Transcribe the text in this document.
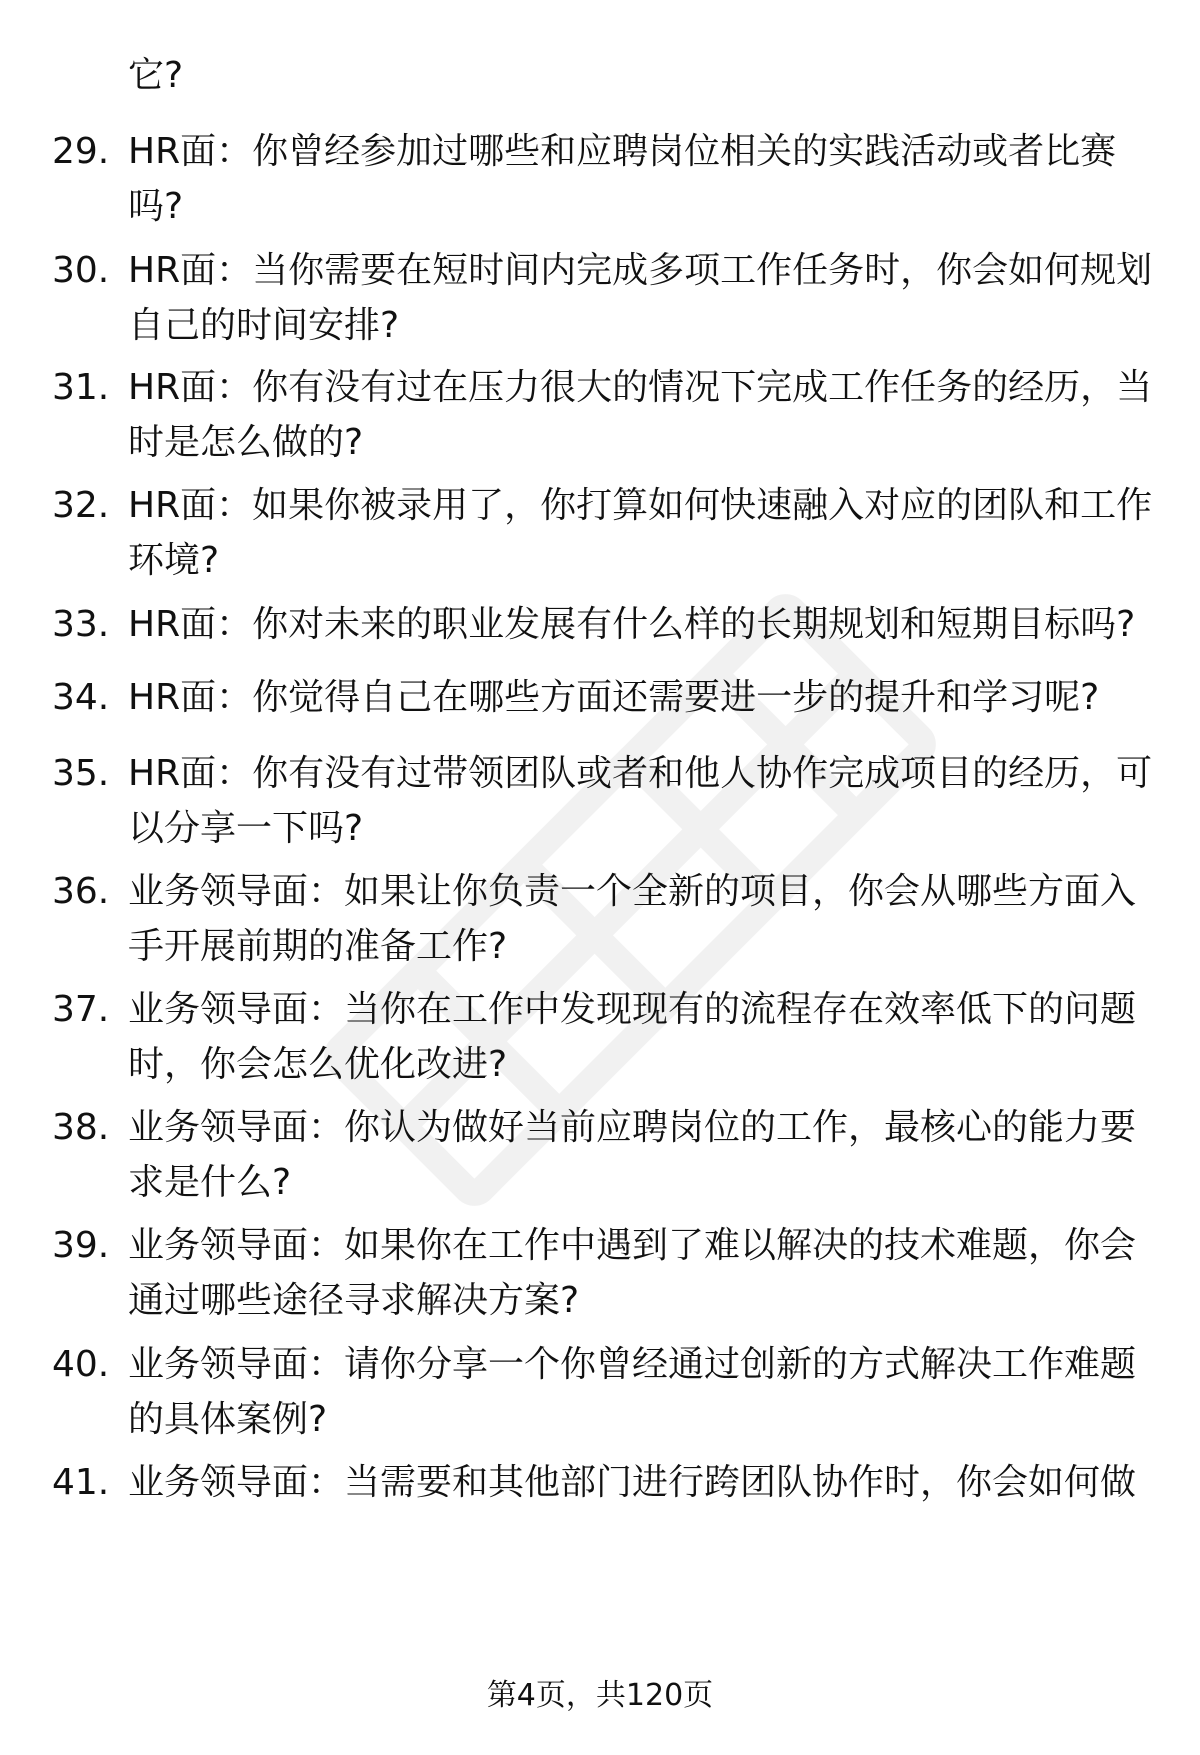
它?
29. HR面：你曾经参加过哪些和应聘岗位相关的实践活动或者比赛
吗?
30. HR面：当你需要在短时间内完成多项工作任务时，你会如何规划
自己的时间安排?
31. HR面：你有没有过在压力很大的情况下完成工作任务的经历，当
时是怎么做的?
32. HR面：如果你被录用了，你打算如何快速融入对应的团队和工作
环境?
33. HR面：你对未来的职业发展有什么样的长期规划和短期目标吗?
34. HR面：你觉得自己在哪些方面还需要进一步的提升和学习呢?
35. HR面：你有没有过带领团队或者和他人协作完成项目的经历，可
以分享一下吗?
36. 业务领导面：如果让你负责一个全新的项目，你会从哪些方面入
手开展前期的准备工作?
37. 业务领导面：当你在工作中发现现有的流程存在效率低下的问题
时，你会怎么优化改进?
38. 业务领导面：你认为做好当前应聘岗位的工作，最核心的能力要
求是什么?
39. 业务领导面：如果你在工作中遇到了难以解决的技术难题，你会
通过哪些途径寻求解决方案?
40. 业务领导面：请你分享一个你曾经通过创新的方式解决工作难题
的具体案例?
41. 业务领导面：当需要和其他部门进行跨团队协作时，你会如何做
第4页，共120页
